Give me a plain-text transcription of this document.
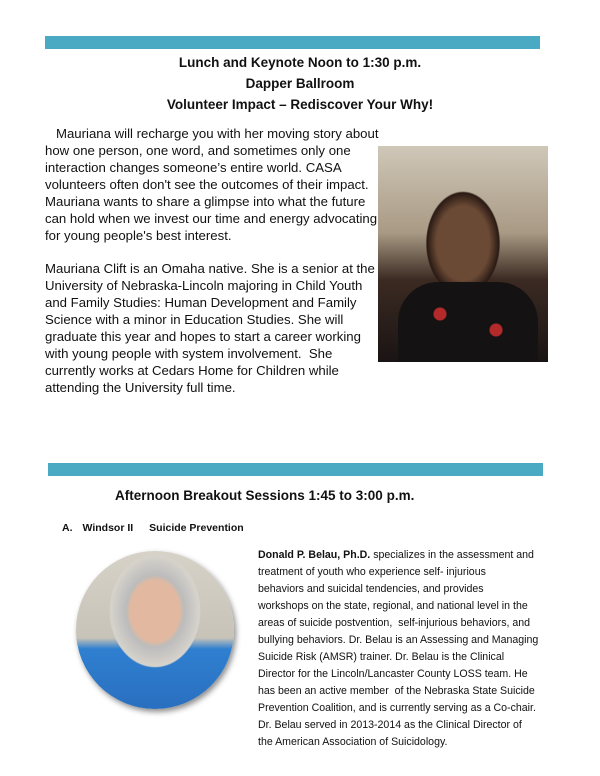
Lunch and Keynote Noon to 1:30 p.m.
Dapper Ballroom
Volunteer Impact – Rediscover Your Why!
Mauriana will recharge you with her moving story about
how one person, one word, and sometimes only one
interaction changes someone’s entire world. CASA
volunteers often don't see the outcomes of their impact.
Mauriana wants to share a glimpse into what the future
can hold when we invest our time and energy advocating
for young people's best interest.
Mauriana Clift is an Omaha native. She is a senior at the
University of Nebraska-Lincoln majoring in Child Youth
and Family Studies: Human Development and Family
Science with a minor in Education Studies. She will
graduate this year and hopes to start a career working
with young people with system involvement.  She
currently works at Cedars Home for Children while
attending the University full time.
Afternoon Breakout Sessions 1:45 to 3:00 p.m.
A. Windsor II Suicide Prevention
Donald P. Belau, Ph.D. specializes in the assessment and
treatment of youth who experience self- injurious
behaviors and suicidal tendencies, and provides
workshops on the state, regional, and national level in the
areas of suicide postvention,  self-injurious behaviors, and
bullying behaviors. Dr. Belau is an Assessing and Managing
Suicide Risk (AMSR) trainer. Dr. Belau is the Clinical
Director for the Lincoln/Lancaster County LOSS team. He
has been an active member  of the Nebraska State Suicide
Prevention Coalition, and is currently serving as a Co-chair.
Dr. Belau served in 2013-2014 as the Clinical Director of
the American Association of Suicidology.
